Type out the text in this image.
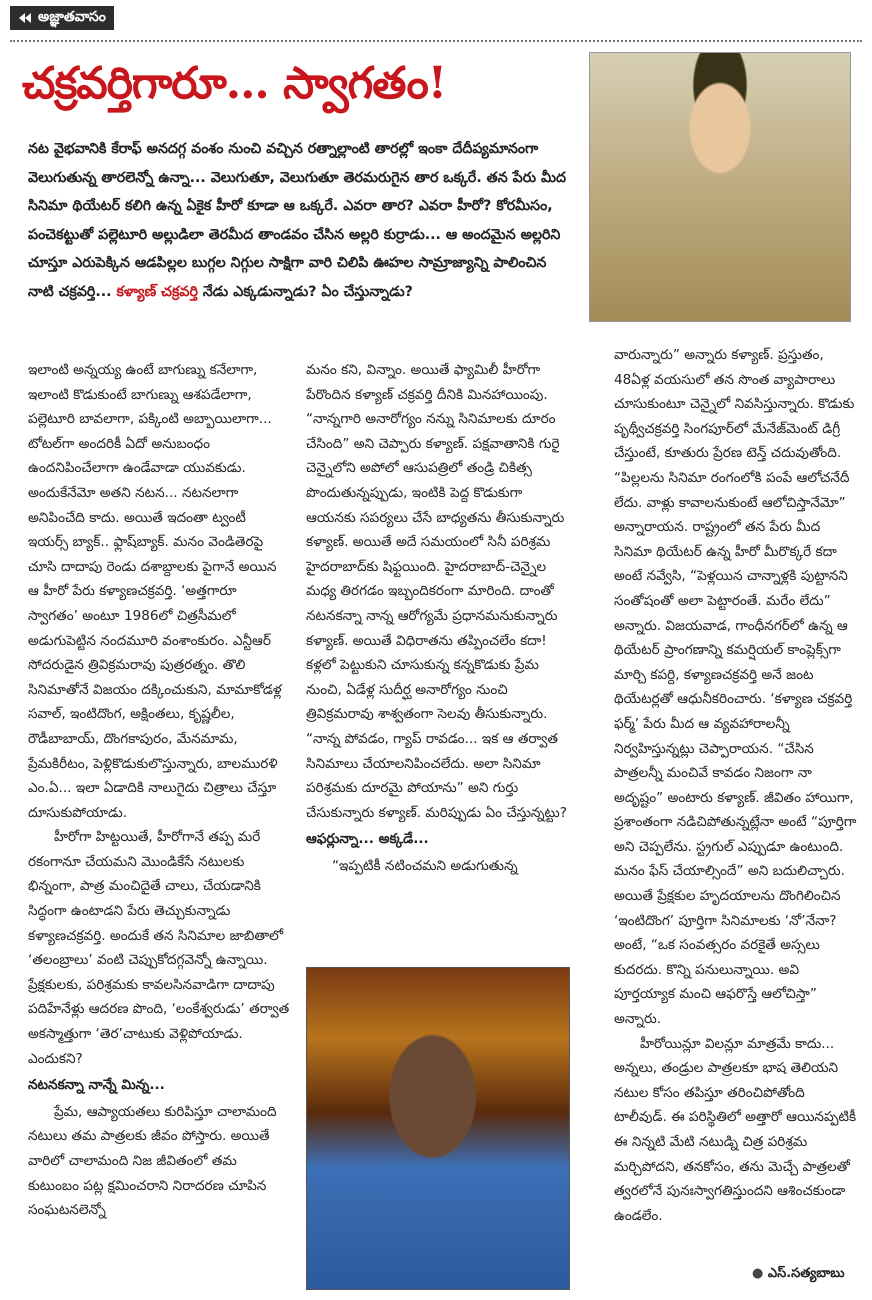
అజ్ఞాతవాసం
చక్రవర్తిగారూ... స్వాగతం!
నట వైభవానికి కేరాఫ్ అనదగ్గ వంశం నుంచి వచ్చిన రత్నాల్లాంటి తారల్లో ఇంకా దేదీప్యమానంగా వెలుగుతున్న తారలెన్నో ఉన్నా... వెలుగుతూ, వెలుగుతూ తెరమరుగైన తార ఒక్కరే. తన పేరు మీద సినిమా థియేటర్ కలిగి ఉన్న ఏకైక హీరో కూడా ఆ ఒక్కరే. ఎవరా తార? ఎవరా హీరో? కోరమీసం, పంచెకట్టుతో పల్లెటూరి అల్లుడిలా తెరమీద తాండవం చేసిన అల్లరి కుర్రాడు... ఆ అందమైన అల్లరిని చూస్తూ ఎరుపెక్కిన ఆడపిల్లల బుగ్గల నిగ్గుల సాక్షిగా వారి చిలిపి ఊహల సామ్రాజ్యాన్ని పాలించిన నాటి చక్రవర్తి... కళ్యాణ్ చక్రవర్తి నేడు ఎక్కడున్నాడు? ఏం చేస్తున్నాడు?

ఇలాంటి అన్నయ్య ఉంటే బాగుణ్ను కనేలాగా, ఇలాంటి కొడుకుంటే బాగుణ్ను ఆశపడేలాగా, పల్లెటూరి బావలాగా, పక్కింటి అబ్బాయిలాగా... టోటల్‌గా అందరికీ ఏదో అనుబంధం ఉందనిపించేలాగా ఉండేవాడా యువకుడు. అందుకేనేమో అతని నటన... నటనలాగా అనిపించేది కాదు. అయితే ఇదంతా ట్వంటీ ఇయర్స్ బ్యాక్.. ఫ్లాష్‌బ్యాక్. మనం వెండితెరపై చూసి దాదాపు రెండు దశాబ్దాలకు పైగానే అయిన ఆ హీరో పేరు కళ్యాణచక్రవర్తి. ‘అత్తగారూ స్వాగతం’ అంటూ 1986లో చిత్రసీమలో అడుగుపెట్టిన నందమూరి వంశాంకురం. ఎన్టీఆర్ సోదరుడైన త్రివిక్రమరావు పుత్రరత్నం. తొలి సినిమాతోనే విజయం దక్కించుకుని, మామాకోడళ్ల సవాల్, ఇంటిదొంగ, అక్షింతలు, కృష్ణలీల, రౌడీబాబాయ్, దొంగకాపురం, మేనమామ, ప్రేమకిరీటం, పెళ్లికొడుకులొస్తున్నారు, బాలమురళి ఎం.ఏ... ఇలా ఏడాదికి నాలుగైదు చిత్రాలు చేస్తూ దూసుకుపోయాడు.

హీరోగా హిట్టయితే, హీరోగానే తప్ప మరే రకంగానూ చేయమని మొండికేసే నటులకు భిన్నంగా, పాత్ర మంచిదైతే చాలు, చేయడానికి సిద్ధంగా ఉంటాడని పేరు తెచ్చుకున్నాడు కళ్యాణచక్రవర్తి. అందుకే తన సినిమాల జాబితాలో ‘తలంబ్రాలు’ వంటి చెప్పుకోదగ్గవెన్నో ఉన్నాయి. ప్రేక్షకులకు, పరిశ్రమకు కావలసినవాడిగా దాదాపు పదిహేనేళ్లు ఆదరణ పొంది, ‘లంకేశ్వరుడు’ తర్వాత అకస్మాత్తుగా ‘తెర’చాటుకు వెళ్లిపోయాడు. ఎందుకని?

నటనకన్నా నాన్నే మిన్న...

ప్రేమ, ఆప్యాయతలు కురిపిస్తూ చాలామంది నటులు తమ పాత్రలకు జీవం పోస్తారు. అయితే వారిలో చాలామంది నిజ జీవితంలో తమ కుటుంబం పట్ల క్షమించరాని నిరాదరణ చూపిన సంఘటనలెన్నో

మనం కని, విన్నాం. అయితే ఫ్యామిలీ హీరోగా పేరొందిన కళ్యాణ్ చక్రవర్తి దీనికి మినహాయింపు. “నాన్నగారి అనారోగ్యం నన్ను సినిమాలకు దూరం చేసింది” అని చెప్పారు కళ్యాణ్. పక్షవాతానికి గురై చెన్నైలోని అపోలో ఆసుపత్రిలో తండ్రి చికిత్స పొందుతున్నప్పుడు, ఇంటికి పెద్ద కొడుకుగా ఆయనకు సపర్యలు చేసే బాధ్యతను తీసుకున్నారు కళ్యాణ్. అయితే అదే సమయంలో సినీ పరిశ్రమ హైదరాబాద్‌కు షిఫ్టయింది. హైదరాబాద్-చెన్నైల మధ్య తిరగడం ఇబ్బందికరంగా మారింది. దాంతో నటనకన్నా నాన్న ఆరోగ్యమే ప్రధానమనుకున్నారు కళ్యాణ్. అయితే విధిరాతను తప్పించలేం కదా! కళ్లలో పెట్టుకుని చూసుకున్న కన్నకొడుకు ప్రేమ నుంచి, ఏడేళ్ల సుదీర్ఘ అనారోగ్యం నుంచి త్రివిక్రమరావు శాశ్వతంగా సెలవు తీసుకున్నారు. “నాన్న పోవడం, గ్యాప్ రావడం... ఇక ఆ తర్వాత సినిమాలు చేయాలనిపించలేదు. అలా సినిమా పరిశ్రమకు దూరమై పోయాను” అని గుర్తు చేసుకున్నారు కళ్యాణ్. మరిప్పుడు ఏం చేస్తున్నట్టు?

ఆఫర్లున్నా... అక్కడే...

“ఇప్పటికీ నటించమని అడుగుతున్న

వారున్నారు” అన్నారు కళ్యాణ్. ప్రస్తుతం, 48ఏళ్ల వయసులో తన సొంత వ్యాపారాలు చూసుకుంటూ చెన్నైలో నివసిస్తున్నారు. కొడుకు పృథ్వీచక్రవర్తి సింగపూర్‌లో మేనేజ్‌మెంట్ డిగ్రీ చేస్తుంటే, కూతురు ప్రేరణ టెన్త్ చదువుతోంది. “పిల్లలను సినిమా రంగంలోకి పంపే ఆలోచనేదీ లేదు. వాళ్లు కావాలనుకుంటే ఆలోచిస్తానేమో” అన్నారాయన. రాష్ట్రంలో తన పేరు మీద సినిమా థియేటర్ ఉన్న హీరో మీరొక్కరే కదా అంటే నవ్వేసి, “పెళ్లయిన చాన్నాళ్లకి పుట్టానని సంతోషంతో అలా పెట్టారంతే. మరేం లేదు” అన్నారు. విజయవాడ, గాంధీనగర్‌లో ఉన్న ఆ థియేటర్ ప్రాంగణాన్ని కమర్షియల్ కాంప్లెక్స్‌గా మార్చి కపర్ది, కళ్యాణచక్రవర్తి అనే జంట థియేటర్లతో ఆధునీకరించారు. ‘కళ్యాణ చక్రవర్తి ఫర్మ్’ పేరు మీద ఆ వ్యవహారాలన్నీ నిర్వహిస్తున్నట్లు చెప్పారాయన. “చేసిన పాత్రలన్నీ మంచివే కావడం నిజంగా నా అదృష్టం” అంటారు కళ్యాణ్. జీవితం హాయిగా, ప్రశాంతంగా నడిచిపోతున్నట్లేనా అంటే “పూర్తిగా అని చెప్పలేను. స్ట్రగుల్ ఎప్పుడూ ఉంటుంది. మనం ఫేస్ చేయాల్సిందే” అని బదులిచ్చారు. అయితే ప్రేక్షకుల హృదయాలను దొంగిలించిన ‘ఇంటిదొంగ’ పూర్తిగా సినిమాలకు ‘నో’నేనా? అంటే, “ఒక సంవత్సరం వరకైతే అస్సలు కుదరదు. కొన్ని పనులున్నాయి. అవి పూర్తయ్యాక మంచి ఆఫరొస్తే ఆలోచిస్తా” అన్నారు.

హీరోయిన్లూ విలన్లూ మాత్రమే కాదు... అన్నలు, తండ్రుల పాత్రలకూ భాష తెలియని నటుల కోసం తపిస్తూ తరించిపోతోంది టాలీవుడ్. ఈ పరిస్థితిలో అత్తారో ఆయినప్పటికీ ఈ నిన్నటి మేటి నటుడ్ని చిత్ర పరిశ్రమ మర్చిపోదని, తనకోసం, తను మెచ్చే పాత్రలతో త్వరలోనే పునఃస్వాగతిస్తుందని ఆశించకుండా ఉండలేం.

● ఎస్.సత్యబాబు
